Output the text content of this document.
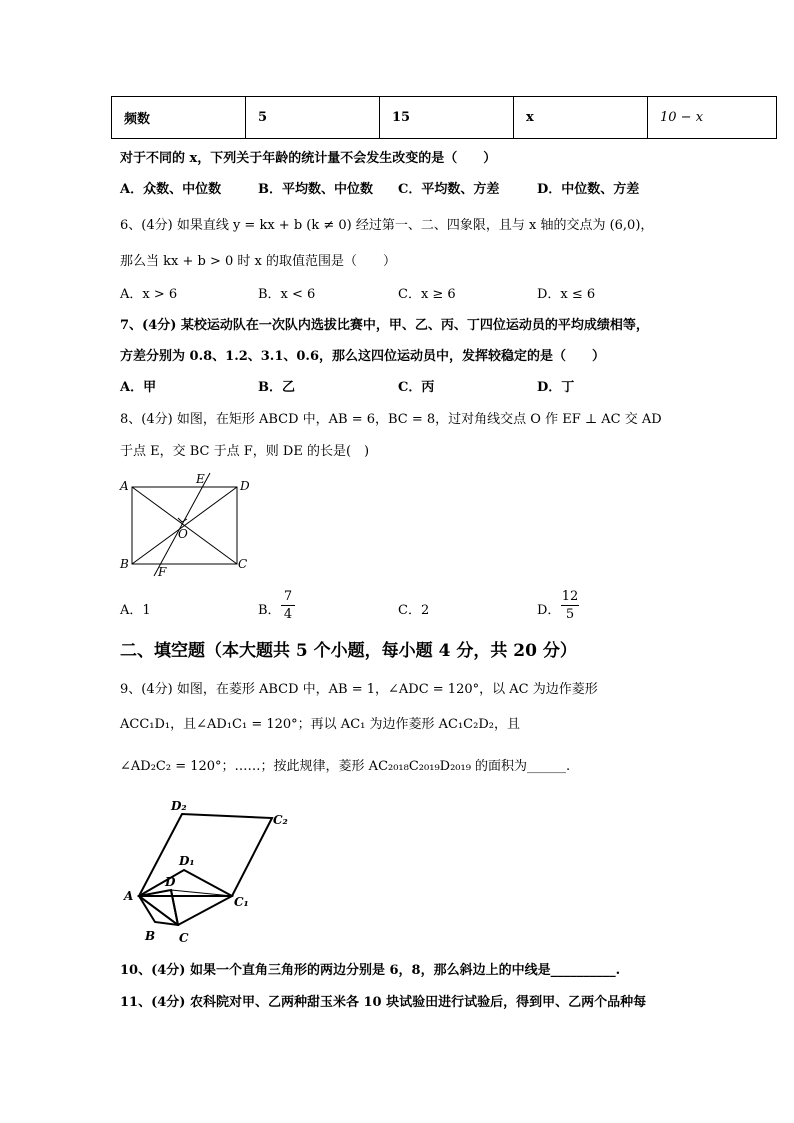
频数	5	15	x	10 − x
对于不同的 x，下列关于年龄的统计量不会发生改变的是（　　）
A．众数、中位数	B．平均数、中位数 C．平均数、方差	D．中位数、方差
6、(4分) 如果直线 y = kx + b (k ≠ 0) 经过第一、二、四象限，且与 x 轴的交点为 (6,0)，
那么当 kx + b > 0 时 x 的取值范围是（　　）
A．x > 6	B．x < 6	C．x ≥ 6	D．x ≤ 6
7、(4分) 某校运动队在一次队内选拔比赛中，甲、乙、丙、丁四位运动员的平均成绩相等，
方差分别为 0.8、1.2、3.1、0.6，那么这四位运动员中，发挥较稳定的是（　　）
A．甲	B．乙	C．丙	D．丁
8、(4分) 如图，在矩形 ABCD 中，AB = 6，BC = 8，过对角线交点 O 作 EF ⊥ AC 交 AD
于点 E，交 BC 于点 F，则 DE 的长是(　)
A	E	D
O
B
F
C
A．1	B．
7
4	C．2	D．
12
5
二、填空题（本大题共 5 个小题，每小题 4 分，共 20 分）
9、(4分) 如图，在菱形 ABCD 中，AB = 1，∠ADC = 120°，以 AC 为边作菱形
ACC₁D₁，且∠AD₁C₁ = 120°；再以 AC₁ 为边作菱形 AC₁C₂D₂，且
∠AD₂C₂ = 120°；……；按此规律，菱形 AC₂₀₁₈C₂₀₁₉D₂₀₁₉ 的面积为______.
D₂
C₂
D₁
D
A	C₁
B C
10、(4分) 如果一个直角三角形的两边分别是 6，8，那么斜边上的中线是__________.
11、(4分) 农科院对甲、乙两种甜玉米各 10 块试验田进行试验后，得到甲、乙两个品种每
